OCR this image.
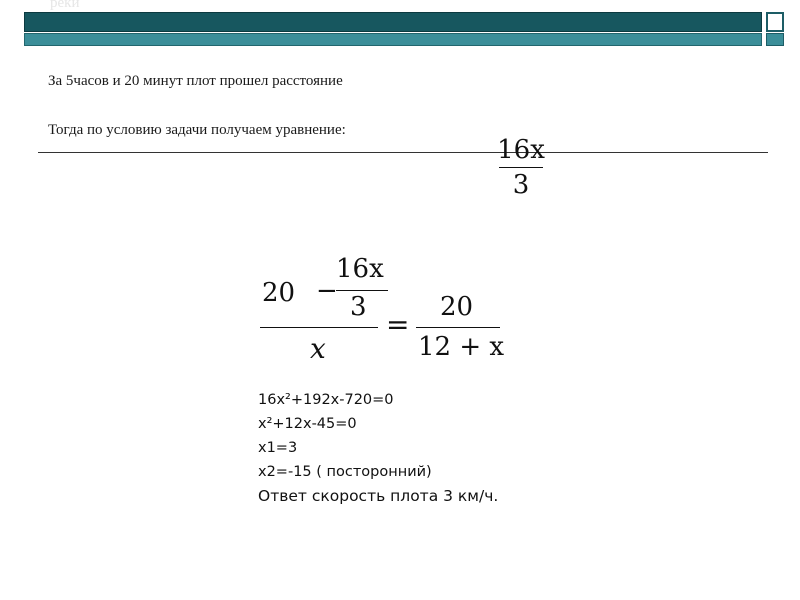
реки
За 5часов и 20 минут плот прошел расстояние
Тогда по условию задачи получаем уравнение:
16x
3
20 −
16x
3
x
=
20
12 + x
16x²+192x-720=0
x²+12x-45=0
x1=3
x2=-15 ( посторонний)
Ответ скорость плота 3 км/ч.
